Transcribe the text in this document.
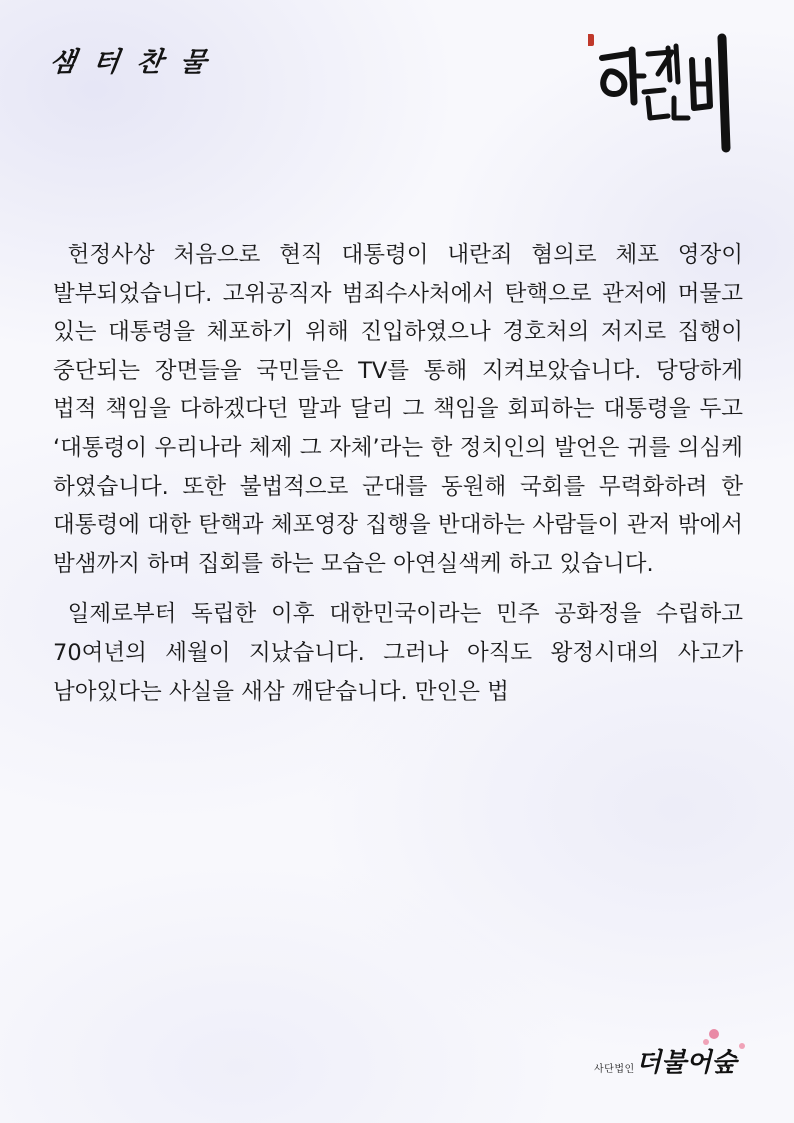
샘 터 찬 물

헌정사상 처음으로 현직 대통령이 내란죄 혐의로 체포 영장이 발부되었습니다. 고위공직자 범죄수사처에서 탄핵으로 관저에 머물고 있는 대통령을 체포하기 위해 진입하였으나 경호처의 저지로 집행이 중단되는 장면들을 국민들은 TV를 통해 지켜보았습니다. 당당하게 법적 책임을 다하겠다던 말과 달리 그 책임을 회피하는 대통령을 두고 ‘대통령이 우리나라 체제 그 자체’라는 한 정치인의 발언은 귀를 의심케 하였습니다. 또한 불법적으로 군대를 동원해 국회를 무력화하려 한 대통령에 대한 탄핵과 체포영장 집행을 반대하는 사람들이 관저 밖에서 밤샘까지 하며 집회를 하는 모습은 아연실색케 하고 있습니다.

일제로부터 독립한 이후 대한민국이라는 민주 공화정을 수립하고 70여년의 세월이 지났습니다. 그러나 아직도 왕정시대의 사고가 남아있다는 사실을 새삼 깨닫습니다. 만인은 법

사단법인 더불어숲
